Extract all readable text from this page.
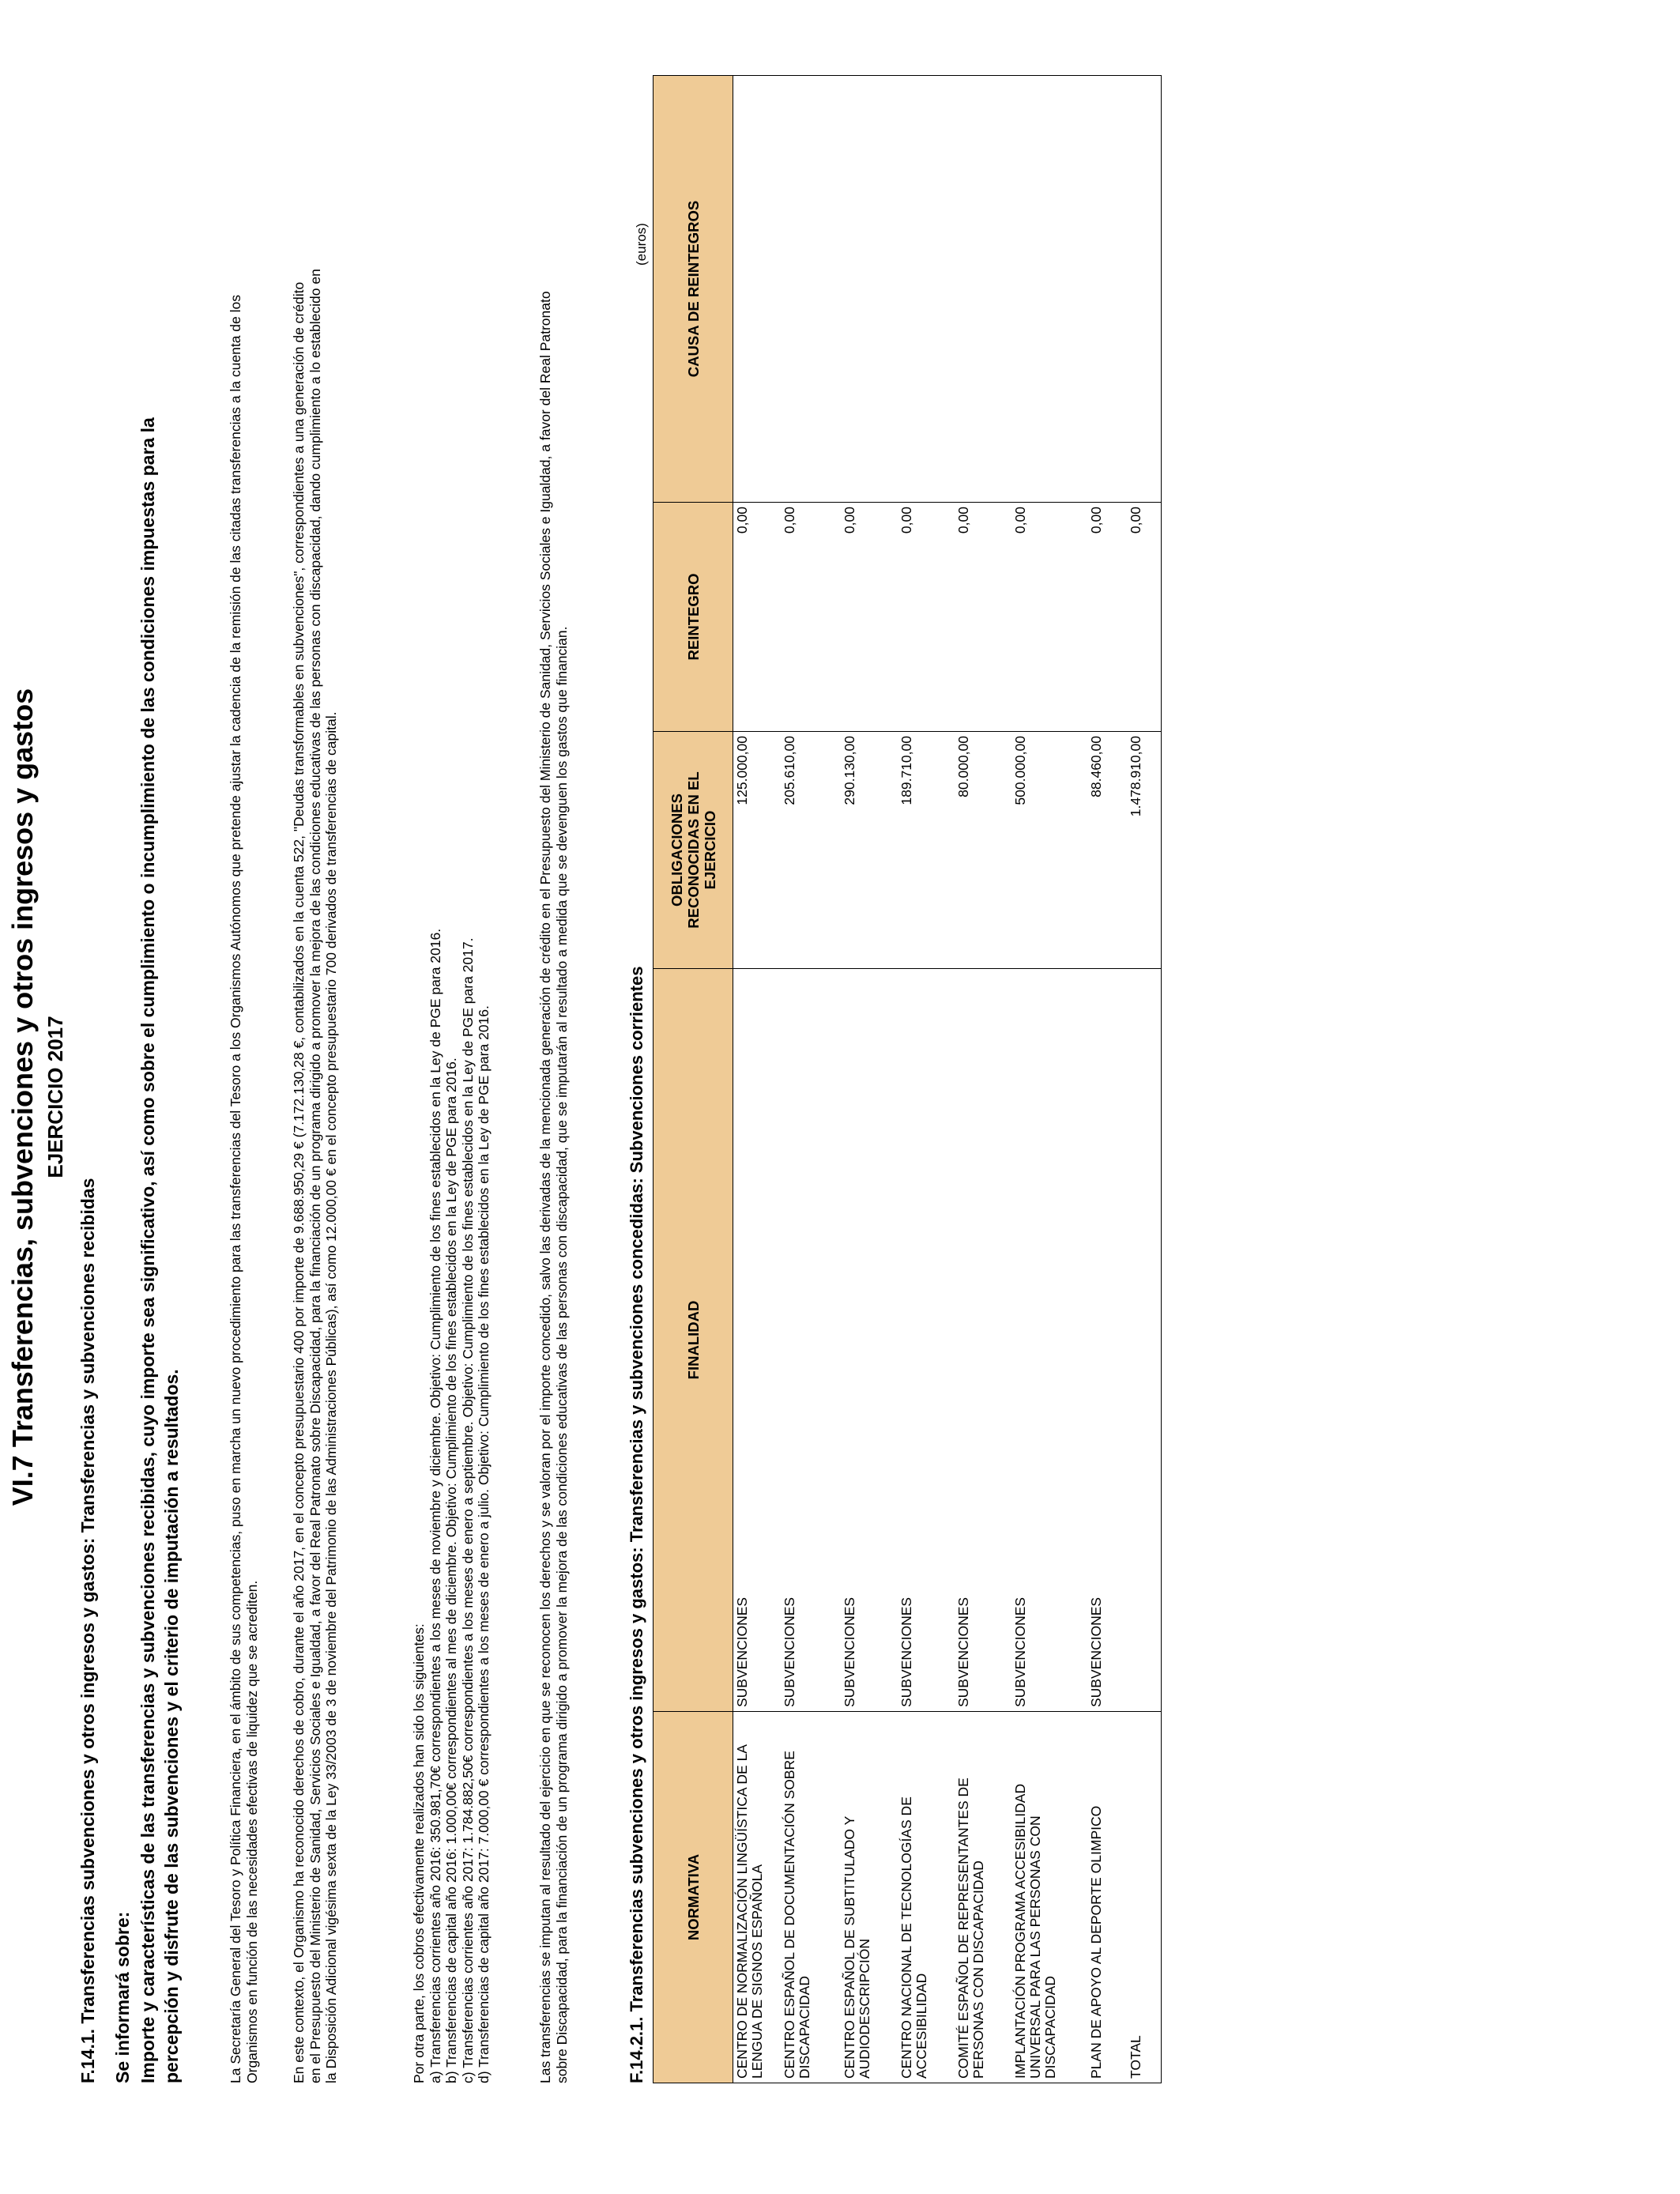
VI.7 Transferencias, subvenciones y otros ingresos y gastos EJERCICIO 2017
F.14.1. Transferencias subvenciones y otros ingresos y gastos: Transferencias y subvenciones recibidas Se informará sobre: Importe y características de las transferencias y subvenciones recibidas, cuyo importe sea significativo, así como sobre el cumplimiento o incumplimiento de las condiciones impuestas para la percepción y disfrute de las subvenciones y el criterio de imputación a resultados.	La Secretaría General del Tesoro y Política Financiera, en el ámbito de sus competencias, puso en marcha un nuevo procedimiento para las transferencias del Tesoro a los Organismos Autónomos que pretende ajustar la cadencia de la remisión de las citadas transferencias a la cuenta de los Organismos en función de las necesidades efectivas de liquidez que se acrediten. En este contexto, el Organismo ha reconocido derechos de cobro, durante el año 2017, en el concepto presupuestario 400 por importe de 9.688.950,29 € (7.172.130,28 €, contabilizados en la cuenta 522, "Deudas transformables en subvenciones", correspondientes a una generación de crédito en el Presupuesto del Ministerio de Sanidad, Servicios Sociales e Igualdad, a favor del Real Patronato sobre Discapacidad, para la financiación de un programa dirigido a promover la mejora de las condiciones educativas de las personas con discapacidad, dando cumplimiento a lo establecido en la Disposición Adicional vigésima sexta de la Ley 33/2003 de 3 de noviembre del Patrimonio de las Administraciones Públicas), así como 12.000,00 € en el concepto presupuestario 700 derivados de transferencias de capital.	Por otra parte, los cobros efectivamente realizados han sido los siguientes: a) Transferencias corrientes año 2016: 350.981,70€ correspondientes a los meses de noviembre y diciembre. Objetivo: Cumplimiento de los fines establecidos en la Ley de PGE para 2016. b) Transferencias de capital año 2016: 1.000,00€ correspondientes al mes de diciembre. Objetivo: Cumplimiento de los fines establecidos en la Ley de PGE para 2016. c) Transferencias corrientes año 2017: 1.784.882,50€ correspondientes a los meses de enero a septiembre. Objetivo: Cumplimiento de los fines establecidos en la Ley de PGE para 2017. d) Transferencias de capital año 2017: 7.000,00 € correspondientes a los meses de enero a julio. Objetivo: Cumplimiento de los fines establecidos en la Ley de PGE para 2016.	Las transferencias se imputan al resultado del ejercicio en que se reconocen los derechos y se valoran por el importe concedido, salvo las derivadas de la mencionada generación de crédito en el Presupuesto del Ministerio de Sanidad, Servicios Sociales e Igualdad, a favor del Real Patronato sobre Discapacidad, para la financiación de un programa dirigido a promover la mejora de las condiciones educativas de las personas con discapacidad, que se imputarán al resultado a medida que se devenguen los gastos que financian.	F.14.2.1. Transferencias subvenciones y otros ingresos y gastos: Transferencias y subvenciones concedidas: Subvenciones corrientes
(euros)
NORMATIVA	FINALIDAD	OBLIGACIONES RECONOCIDAS EN EL EJERCICIO	REINTEGRO	CAUSA DE REINTEGROS
CENTRO DE NORMALIZACIÓN LINGÜÍSTICA DE LA LENGUA DE SIGNOS ESPAÑOLA	SUBVENCIONES	125.000,00	0,00	
CENTRO ESPAÑOL DE DOCUMENTACIÓN SOBRE DISCAPACIDAD	SUBVENCIONES	205.610,00	0,00	
CENTRO ESPAÑOL DE SUBTITULADO Y AUDIODESCRIPCIÓN	SUBVENCIONES	290.130,00	0,00	
CENTRO NACIONAL DE TECNOLOGÍAS DE ACCESIBILIDAD	SUBVENCIONES	189.710,00	0,00	
COMITÉ ESPAÑOL DE REPRESENTANTES DE PERSONAS CON DISCAPACIDAD	SUBVENCIONES	80.000,00	0,00	
IMPLANTACIÓN PROGRAMA ACCESIBILIDAD UNIVERSAL PARA LAS PERSONAS CON DISCAPACIDAD	SUBVENCIONES	500.000,00	0,00	
PLAN DE APOYO AL DEPORTE OLIMPICO	SUBVENCIONES	88.460,00	0,00	
TOTAL		1.478.910,00	0,00	
